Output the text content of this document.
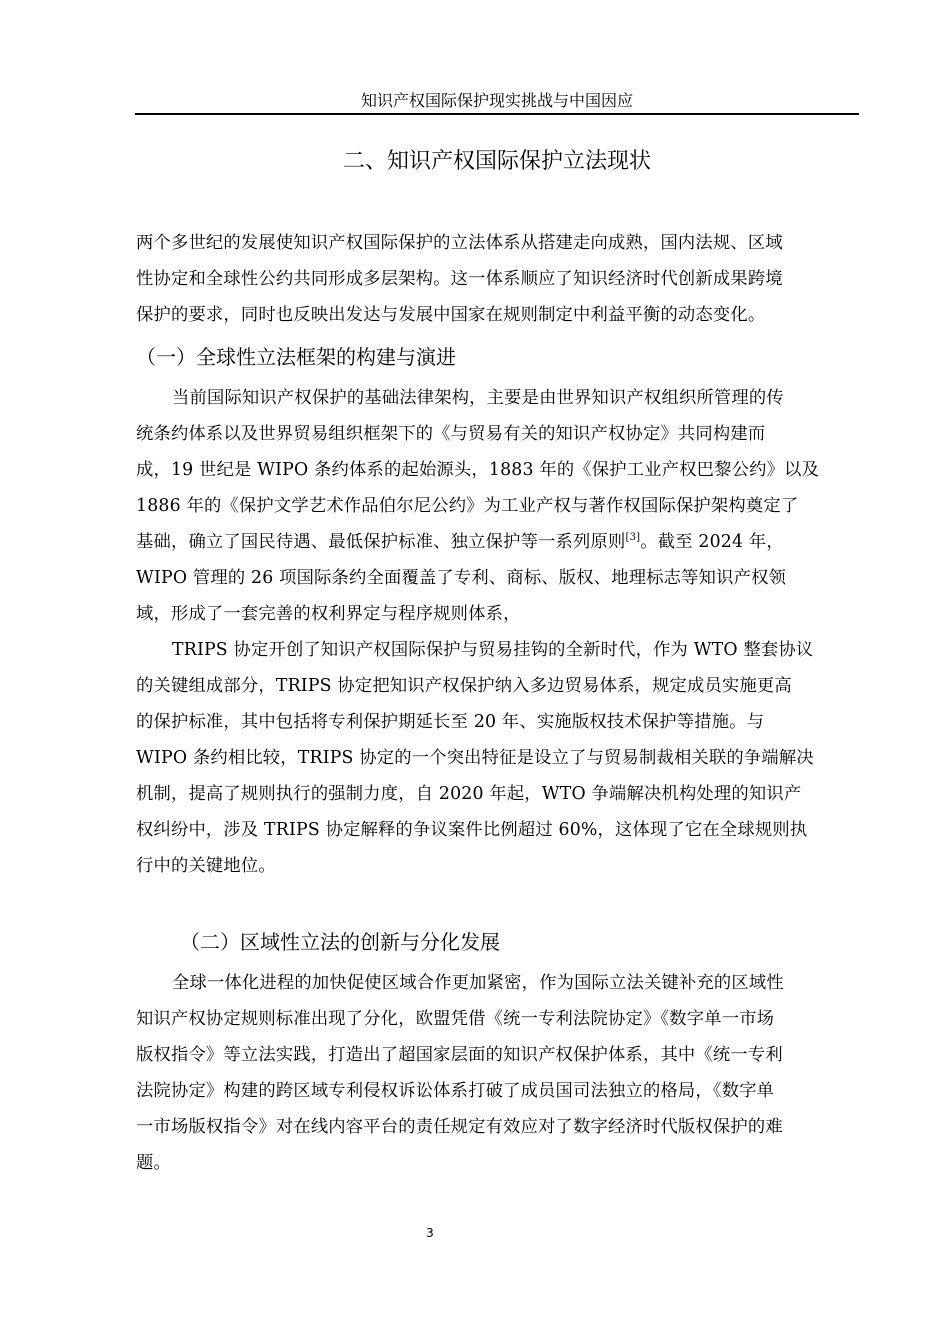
知识产权国际保护现实挑战与中国因应
二、知识产权国际保护立法现状

两个多世纪的发展使知识产权国际保护的立法体系从搭建走向成熟，国内法规、区域
性协定和全球性公约共同形成多层架构。这一体系顺应了知识经济时代创新成果跨境
保护的要求，同时也反映出发达与发展中国家在规则制定中利益平衡的动态变化。

（一）全球性立法框架的构建与演进

当前国际知识产权保护的基础法律架构，主要是由世界知识产权组织所管理的传
统条约体系以及世界贸易组织框架下的《与贸易有关的知识产权协定》共同构建而
成，19 世纪是 WIPO 条约体系的起始源头，1883 年的《保护工业产权巴黎公约》以及
1886 年的《保护文学艺术作品伯尔尼公约》为工业产权与著作权国际保护架构奠定了
基础，确立了国民待遇、最低保护标准、独立保护等一系列原则[3]。截至 2024 年，
WIPO 管理的 26 项国际条约全面覆盖了专利、商标、版权、地理标志等知识产权领
域，形成了一套完善的权利界定与程序规则体系，

TRIPS 协定开创了知识产权国际保护与贸易挂钩的全新时代，作为 WTO 整套协议
的关键组成部分，TRIPS 协定把知识产权保护纳入多边贸易体系，规定成员实施更高
的保护标准，其中包括将专利保护期延长至 20 年、实施版权技术保护等措施。与
WIPO 条约相比较，TRIPS 协定的一个突出特征是设立了与贸易制裁相关联的争端解决
机制，提高了规则执行的强制力度，自 2020 年起，WTO 争端解决机构处理的知识产
权纠纷中，涉及 TRIPS 协定解释的争议案件比例超过 60%，这体现了它在全球规则执
行中的关键地位。

（二）区域性立法的创新与分化发展

全球一体化进程的加快促使区域合作更加紧密，作为国际立法关键补充的区域性
知识产权协定规则标准出现了分化，欧盟凭借《统一专利法院协定》《数字单一市场
版权指令》等立法实践，打造出了超国家层面的知识产权保护体系，其中《统一专利
法院协定》构建的跨区域专利侵权诉讼体系打破了成员国司法独立的格局，《数字单
一市场版权指令》对在线内容平台的责任规定有效应对了数字经济时代版权保护的难
题。

3
